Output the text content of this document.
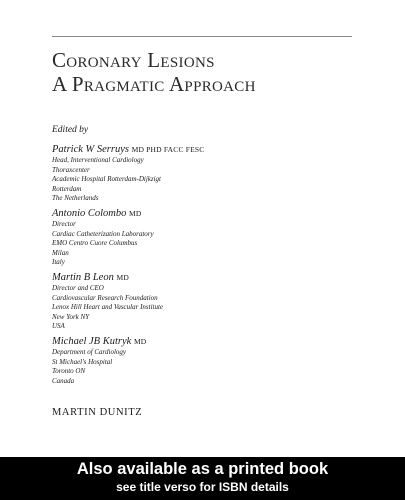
Coronary Lesions
A Pragmatic Approach
Edited by
Patrick W Serruys MD PHD FACC FESC
Head, Interventional Cardiology
Thoraxcenter
Academic Hospital Rotterdam-Dijkzigt
Rotterdam
The Netherlands
Antonio Colombo MD
Director
Cardiac Catheterization Laboratory
EMO Centro Cuore Columbus
Milan
Italy
Martin B Leon MD
Director and CEO
Cardiovascular Research Foundation
Lenox Hill Heart and Vascular Institute
New York NY
USA
Michael JB Kutryk MD
Department of Cardiology
St Michael's Hospital
Toronto ON
Canada
MARTIN DUNITZ
Also available as a printed book
see title verso for ISBN details
